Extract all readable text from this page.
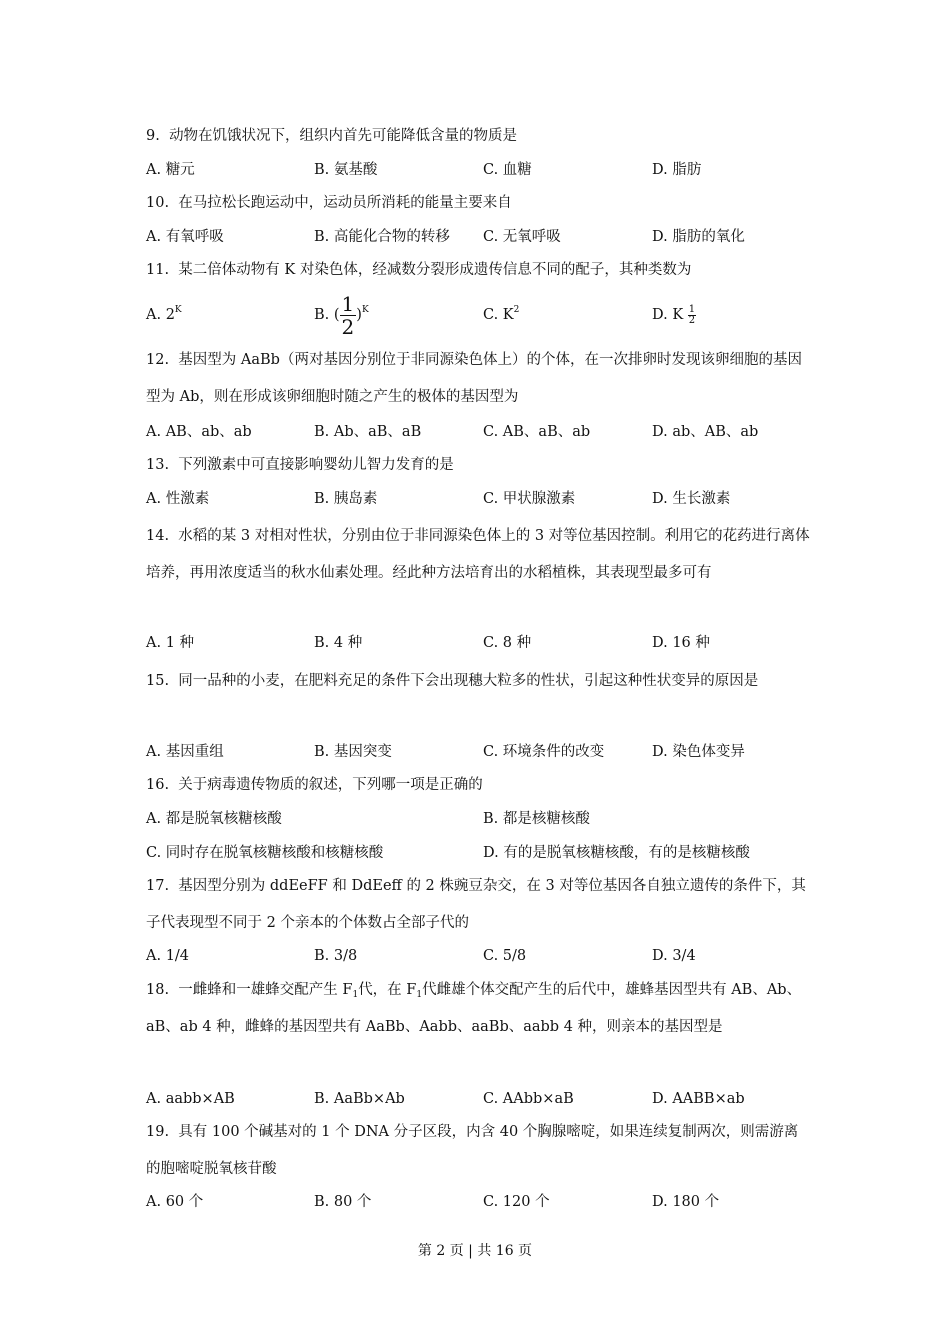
9. 动物在饥饿状况下，组织内首先可能降低含量的物质是
A. 糖元	B. 氨基酸	C. 血糖	D. 脂肪
10. 在马拉松长跑运动中，运动员所消耗的能量主要来自
A. 有氧呼吸	B. 高能化合物的转移 C. 无氧呼吸	D. 脂肪的氧化
11. 某二倍体动物有 K 对染色体，经减数分裂形成遗传信息不同的配子，其种类数为
A. $2^K$	B. ( $\frac{1}{2} )^K$	C. $K^2$	D. K $\frac{1}{2}$
12. 基因型为 AaBb（两对基因分别位于非同源染色体上）的个体，在一次排卵时发现该卵细胞的基因型为 Ab，则在形成该卵细胞时随之产生的极体的基因型为
A. AB、ab、ab	B. Ab、aB、aB	C. AB、aB、ab	D. ab、AB、ab
13. 下列激素中可直接影响婴幼儿智力发育的是
A. 性激素	B. 胰岛素	C. 甲状腺激素	D. 生长激素
14. 水稻的某 3 对相对性状，分别由位于非同源染色体上的 3 对等位基因控制。利用它的花药进行离体培养，再用浓度适当的秋水仙素处理。经此种方法培育出的水稻植株，其表现型最多可有
A. 1 种	B. 4 种	C. 8 种	D. 16 种
15. 同一品种的小麦，在肥料充足的条件下会出现穗大粒多的性状，引起这种性状变异的原因是
A. 基因重组	B. 基因突变	C. 环境条件的改变	D. 染色体变异
16. 关于病毒遗传物质的叙述，下列哪一项是正确的
A. 都是脱氧核糖核酸	B. 都是核糖核酸
C. 同时存在脱氧核糖核酸和核糖核酸	D. 有的是脱氧核糖核酸，有的是核糖核酸
17. 基因型分别为 ddEeFF 和 DdEeff 的 2 株豌豆杂交，在 3 对等位基因各自独立遗传的条件下，其子代表现型不同于 2 个亲本的个体数占全部子代的
A. 1/4	B. 3/8	C. 5/8	D. 3/4
18. 一雌蜂和一雄蜂交配产生 $F_1$代，在 $F_1$代雌雄个体交配产生的后代中，雄蜂基因型共有 AB、Ab、aB、ab 4 种，雌蜂的基因型共有 AaBb、Aabb、aaBb、aabb 4 种，则亲本的基因型是
A. aabb×AB	B. AaBb×Ab	C. AAbb×aB	D. AABB×ab
19. 具有 100 个碱基对的 1 个 DNA 分子区段，内含 40 个胸腺嘧啶，如果连续复制两次，则需游离的胞嘧啶脱氧核苷酸
A. 60 个	B. 80 个	C. 120 个	D. 180 个
第 2 页 | 共 16 页
